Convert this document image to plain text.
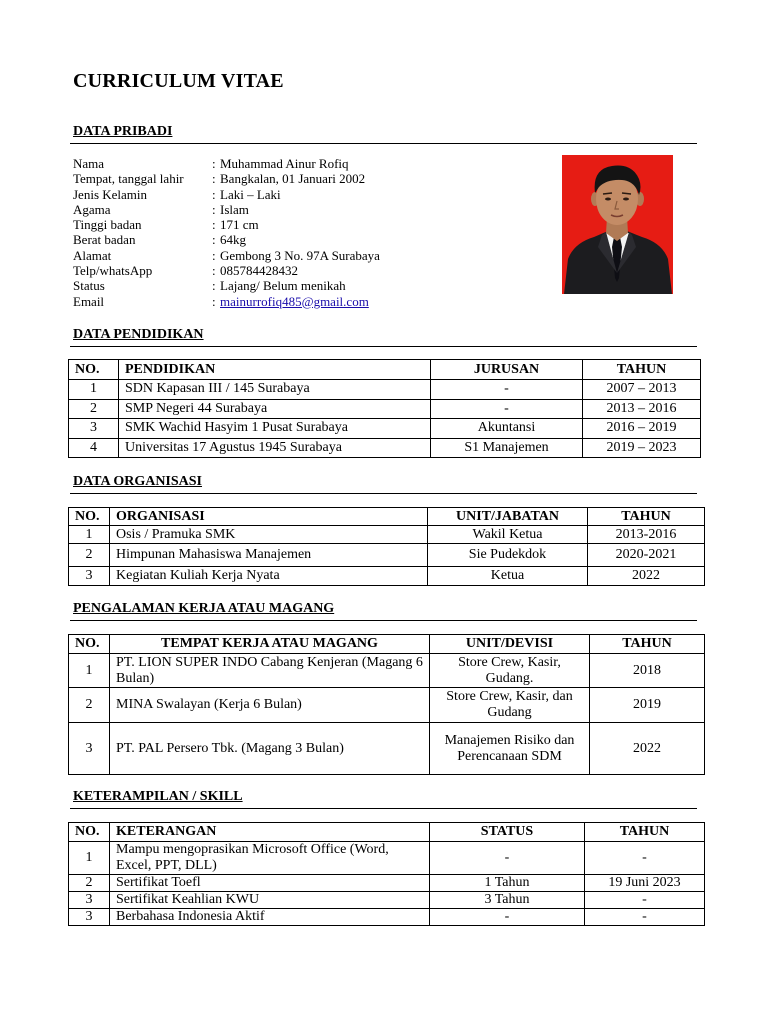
CURRICULUM VITAE
DATA PRIBADI
Nama	: Muhammad Ainur Rofiq
Tempat, tanggal lahir	: Bangkalan, 01 Januari 2002
Jenis Kelamin	: Laki – Laki
Agama	: Islam
Tinggi badan	: 171 cm
Berat badan	: 64kg
Alamat	: Gembong 3 No. 97A Surabaya
Telp/whatsApp	: 085784428432
Status	: Lajang/ Belum menikah
Email	: mainurrofiq485@gmail.com
DATA PENDIDIKAN
NO.	PENDIDIKAN	JURUSAN	TAHUN
1	SDN Kapasan III / 145 Surabaya	-	2007 – 2013
2	SMP Negeri 44 Surabaya	-	2013 – 2016
3	SMK Wachid Hasyim 1 Pusat Surabaya	Akuntansi	2016 – 2019
4	Universitas 17 Agustus 1945 Surabaya	S1 Manajemen	2019 – 2023
DATA ORGANISASI
NO.	ORGANISASI	UNIT/JABATAN	TAHUN
1	Osis / Pramuka SMK	Wakil Ketua	2013-2016
2	Himpunan Mahasiswa Manajemen	Sie Pudekdok	2020-2021
3	Kegiatan Kuliah Kerja Nyata	Ketua	2022
PENGALAMAN KERJA ATAU MAGANG
NO.	TEMPAT KERJA ATAU MAGANG	UNIT/DEVISI	TAHUN
1	PT. LION SUPER INDO Cabang Kenjeran (Magang 6 Bulan)	Store Crew, Kasir, Gudang.	2018
2	MINA Swalayan (Kerja 6 Bulan)	Store Crew, Kasir, dan Gudang	2019
3	PT. PAL Persero Tbk. (Magang 3 Bulan)	Manajemen Risiko dan Perencanaan SDM	2022
KETERAMPILAN / SKILL
NO.	KETERANGAN	STATUS	TAHUN
1	Mampu mengoprasikan Microsoft Office (Word, Excel, PPT, DLL)	-	-
2	Sertifikat Toefl	1 Tahun	19 Juni 2023
3	Sertifikat Keahlian KWU	3 Tahun	-
3	Berbahasa Indonesia Aktif	-	-
